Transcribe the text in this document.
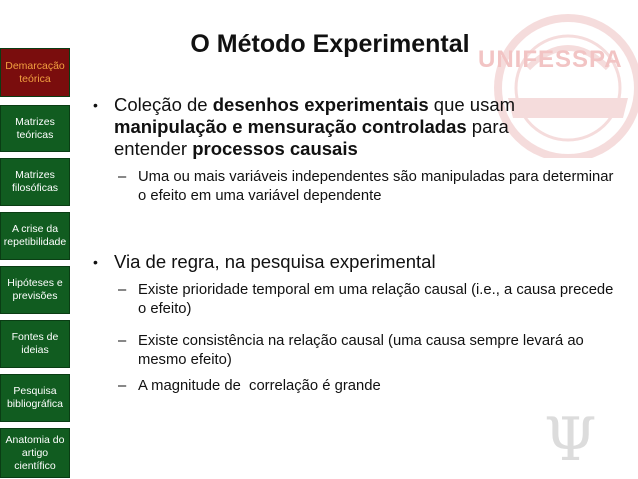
UNIFESSPA
O Método Experimental
Demarcação teórica
Matrizes teóricas
Matrizes filosóficas
A crise da repetibilidade
Hipóteses e previsões
Fontes de ideias
Pesquisa bibliográfica
Anatomia do artigo científico
• Coleção de desenhos experimentais que usam
manipulação e mensuração controladas para
entender processos causais
– Uma ou mais variáveis independentes são manipuladas para determinar o efeito em uma variável dependente
• Via de regra, na pesquisa experimental
– Existe prioridade temporal em uma relação causal (i.e., a causa precede o efeito)
– Existe consistência na relação causal (uma causa sempre levará ao mesmo efeito)
– A magnitude de  correlação é grande
Ψ
